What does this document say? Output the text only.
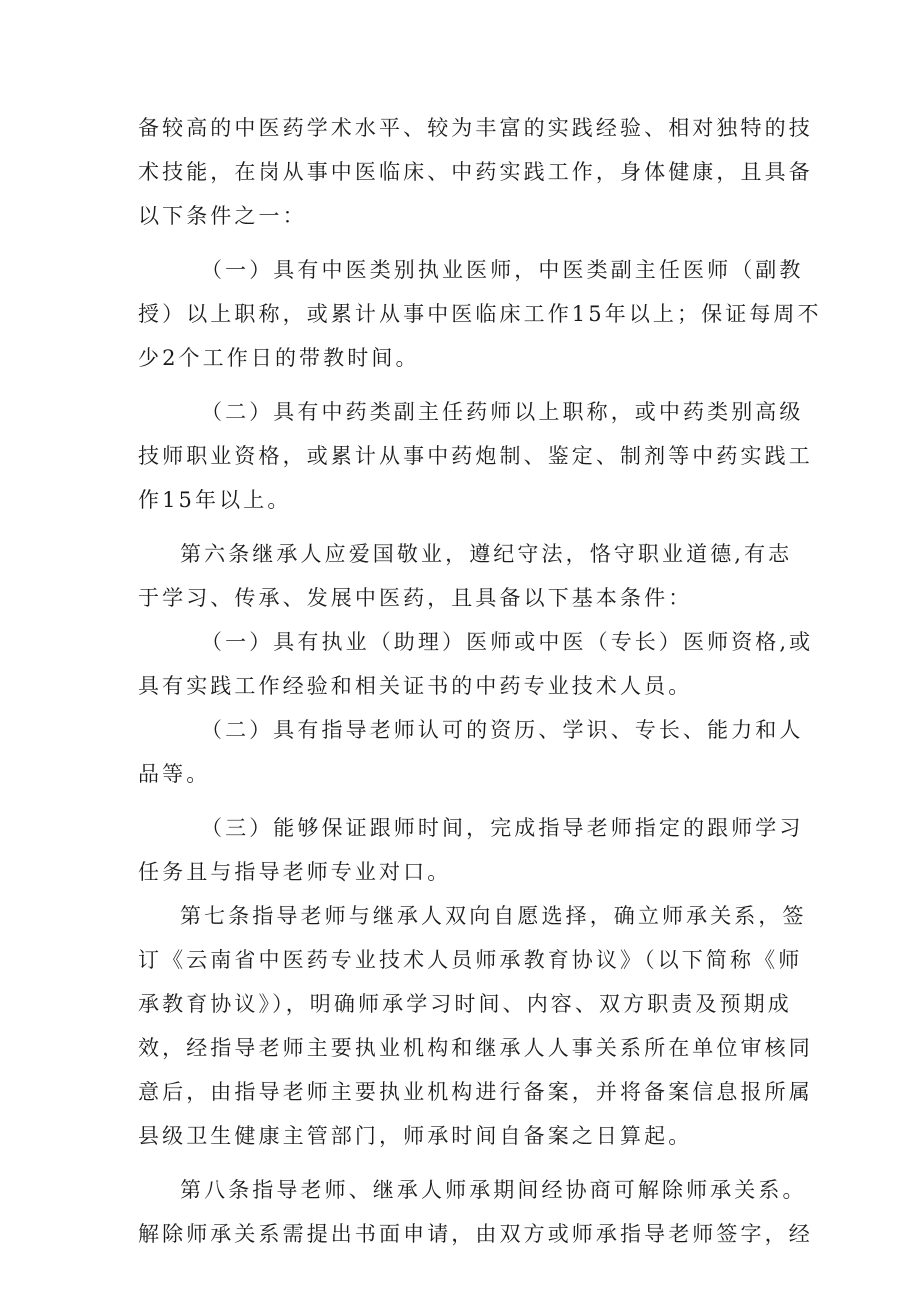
备较高的中医药学术水平、较为丰富的实践经验、相对独特的技
术技能，在岗从事中医临床、中药实践工作，身体健康，且具备
以下条件之一：
（一）具有中医类别执业医师，中医类副主任医师（副教
授）以上职称，或累计从事中医临床工作15年以上；保证每周不
少2个工作日的带教时间。
（二）具有中药类副主任药师以上职称，或中药类别高级
技师职业资格，或累计从事中药炮制、鉴定、制剂等中药实践工
作15年以上。
第六条继承人应爱国敬业，遵纪守法，恪守职业道德,有志
于学习、传承、发展中医药，且具备以下基本条件：
（一）具有执业（助理）医师或中医（专长）医师资格,或
具有实践工作经验和相关证书的中药专业技术人员。
（二）具有指导老师认可的资历、学识、专长、能力和人
品等。
（三）能够保证跟师时间，完成指导老师指定的跟师学习
任务且与指导老师专业对口。
第七条指导老师与继承人双向自愿选择，确立师承关系，签
订《云南省中医药专业技术人员师承教育协议》（以下简称《师
承教育协议》），明确师承学习时间、内容、双方职责及预期成
效，经指导老师主要执业机构和继承人人事关系所在单位审核同
意后，由指导老师主要执业机构进行备案，并将备案信息报所属
县级卫生健康主管部门，师承时间自备案之日算起。
第八条指导老师、继承人师承期间经协商可解除师承关系。
解除师承关系需提出书面申请，由双方或师承指导老师签字，经
